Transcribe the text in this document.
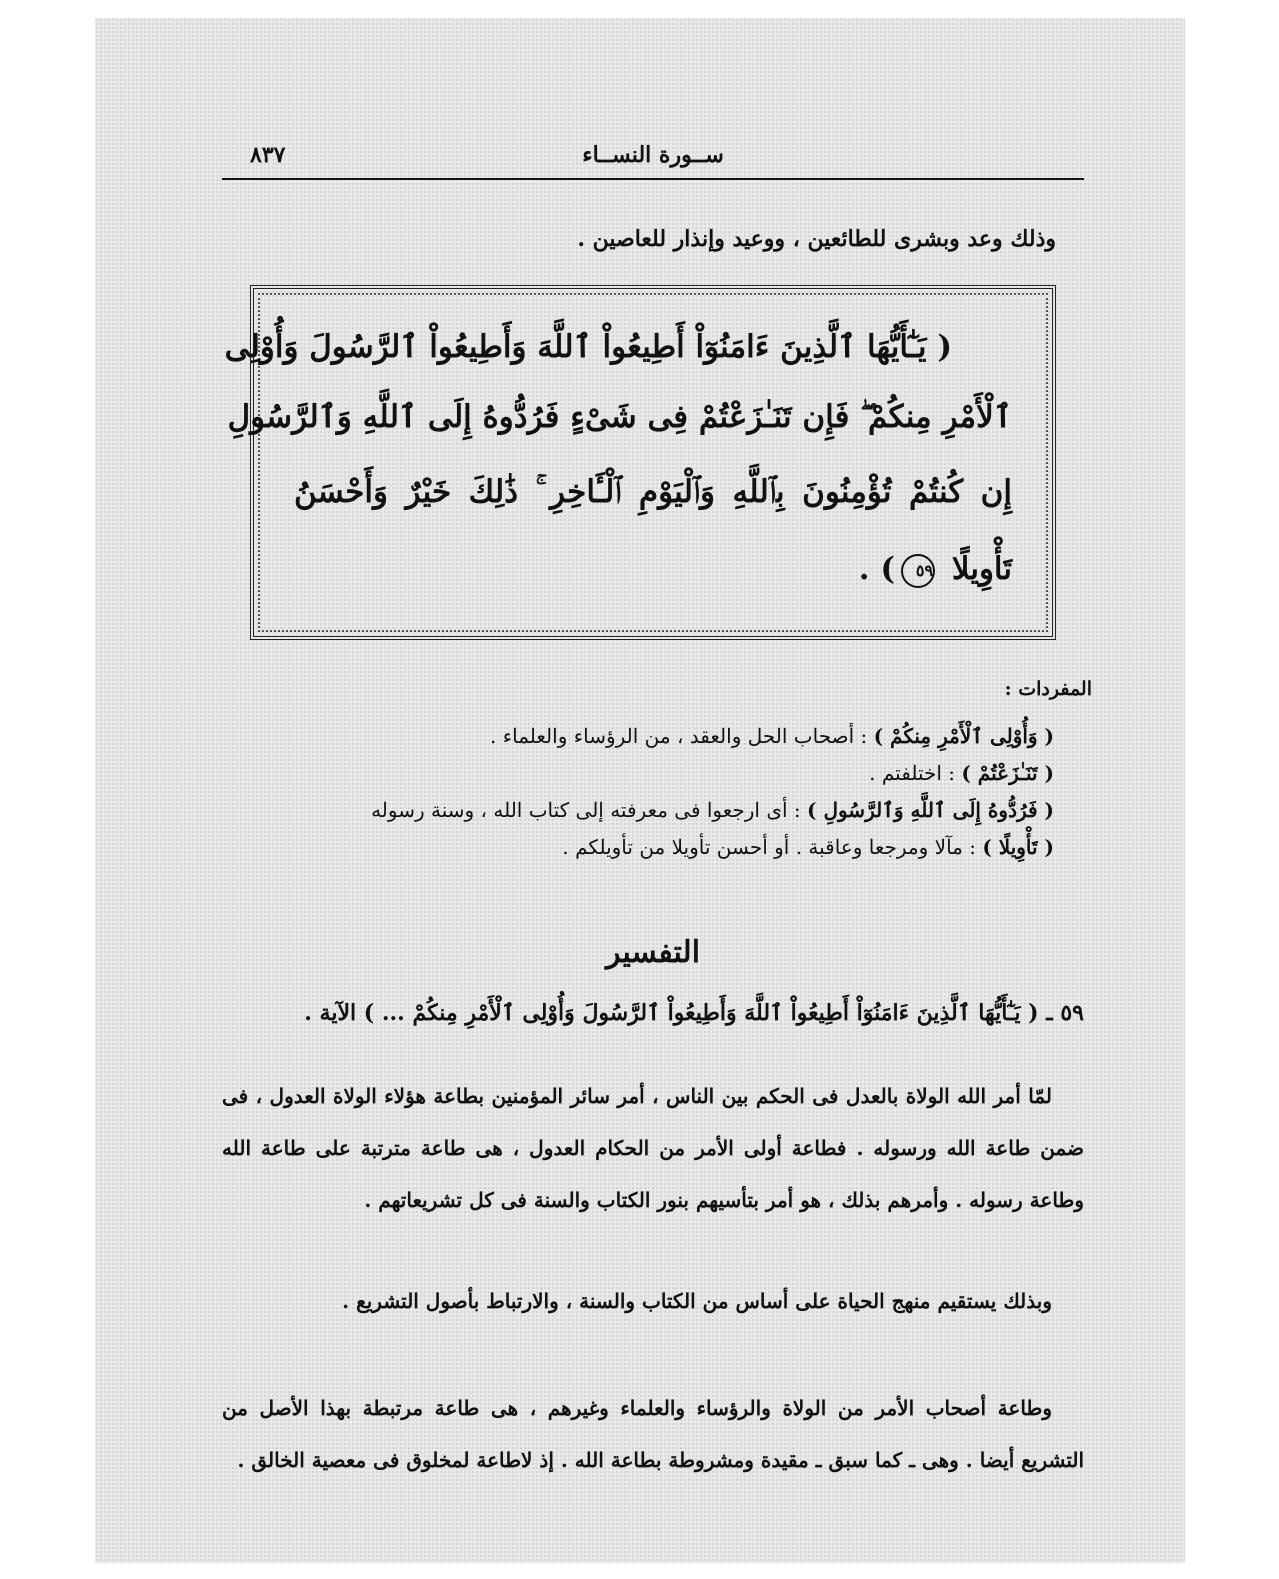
ســورة النســاء
٨٣٧
وذلك وعد وبشرى للطائعين ، ووعيد وإنذار للعاصين .
( يَـٰٓأَيُّهَا ٱلَّذِينَ ءَامَنُوٓاْ أَطِيعُواْ ٱللَّهَ وَأَطِيعُواْ ٱلرَّسُولَ وَأُوْلِى
ٱلْأَمْرِ مِنكُمْ ۖ فَإِن تَنَـٰزَعْتُمْ فِى شَىْءٍ فَرُدُّوهُ إِلَى ٱللَّهِ وَٱلرَّسُولِ
إِن كُنتُمْ تُؤْمِنُونَ بِٱللَّهِ وَٱلْيَوْمِ ٱلْـَٔاخِرِ ۚ ذَٰلِكَ خَيْرٌ وَأَحْسَنُ
تَأْوِيلًا ٥٩) .
المفردات :
( وَأُوْلِى ٱلْأَمْرِ مِنكُمْ ) : أصحاب الحل والعقد ، من الرؤساء والعلماء .
( تَنَـٰزَعْتُمْ ) : اختلفتم .
( فَرُدُّوهُ إِلَى ٱللَّهِ وَٱلرَّسُولِ ) : أى ارجعوا فى معرفته إلى كتاب الله ، وسنة رسوله
( تَأْوِيلًا ) : مآلا ومرجعا وعاقبة . أو أحسن تأويلا من تأويلكم .
التفسير
٥٩ ـ ( يَـٰٓأَيُّهَا ٱلَّذِينَ ءَامَنُوٓاْ أَطِيعُواْ ٱللَّهَ وَأَطِيعُواْ ٱلرَّسُولَ وَأُوْلِى ٱلْأَمْرِ مِنكُمْ ... ) الآية .

لمّا أمر الله الولاة بالعدل فى الحكم بين الناس ، أمر سائر المؤمنين بطاعة هؤلاء الولاة العدول ، فى ضمن طاعة الله ورسوله . فطاعة أولى الأمر من الحكام العدول ، هى طاعة مترتبة على طاعة الله وطاعة رسوله . وأمرهم بذلك ، هو أمر بتأسيهم بنور الكتاب والسنة فى كل تشريعاتهم .

وبذلك يستقيم منهج الحياة على أساس من الكتاب والسنة ، والارتباط بأصول التشريع .

وطاعة أصحاب الأمر من الولاة والرؤساء والعلماء وغيرهم ، هى طاعة مرتبطة بهذا الأصل من التشريع أيضا . وهى ـ كما سبق ـ مقيدة ومشروطة بطاعة الله . إذ لاطاعة لمخلوق فى معصية الخالق .
